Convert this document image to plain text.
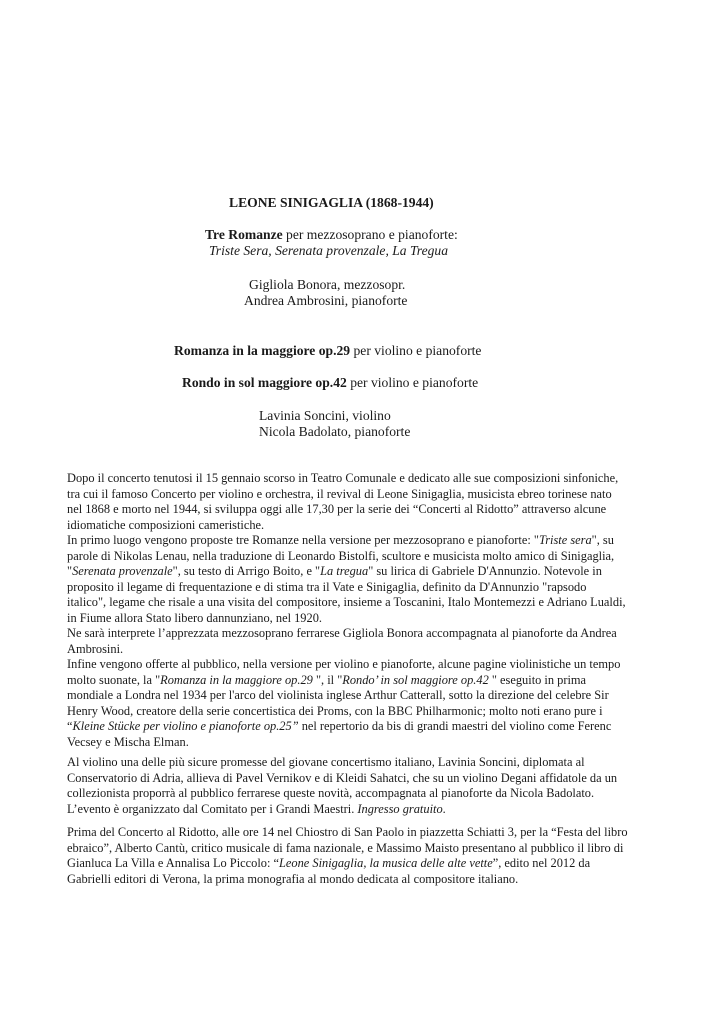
LEONE SINIGAGLIA (1868-1944)
Tre Romanze per mezzosoprano e pianoforte:
Triste Sera, Serenata provenzale, La Tregua
Gigliola Bonora, mezzosopr.
Andrea Ambrosini, pianoforte
Romanza in la maggiore op.29 per violino e pianoforte
Rondo in sol maggiore op.42 per violino e pianoforte
Lavinia Soncini, violino
Nicola Badolato, pianoforte

Dopo il concerto tenutosi il 15 gennaio scorso in Teatro Comunale e dedicato alle sue composizioni sinfoniche,
tra cui il famoso Concerto per violino e orchestra, il revival di Leone Sinigaglia, musicista ebreo torinese nato
nel 1868 e morto nel 1944, si sviluppa oggi alle 17,30 per la serie dei “Concerti al Ridotto” attraverso alcune
idiomatiche composizioni cameristiche.

In primo luogo vengono proposte tre Romanze nella versione per mezzosoprano e pianoforte: "Triste sera", su
parole di Nikolas Lenau, nella traduzione di Leonardo Bistolfi, scultore e musicista molto amico di Sinigaglia,
"Serenata provenzale", su testo di Arrigo Boito, e "La tregua" su lirica di Gabriele D'Annunzio. Notevole in
proposito il legame di frequentazione e di stima tra il Vate e Sinigaglia, definito da D'Annunzio "rapsodo
italico", legame che risale a una visita del compositore, insieme a Toscanini, Italo Montemezzi e Adriano Lualdi,
in Fiume allora Stato libero dannunziano, nel 1920.

Ne sarà interprete l’apprezzata mezzosoprano ferrarese Gigliola Bonora accompagnata al pianoforte da Andrea
Ambrosini.

Infine vengono offerte al pubblico, nella versione per violino e pianoforte, alcune pagine violinistiche un tempo
molto suonate, la "Romanza in la maggiore op.29 ", il "Rondo’ in sol maggiore op.42 " eseguito in prima
mondiale a Londra nel 1934 per l'arco del violinista inglese Arthur Catterall, sotto la direzione del celebre Sir
Henry Wood, creatore della serie concertistica dei Proms, con la BBC Philharmonic; molto noti erano pure i
“Kleine Stücke per violino e pianoforte op.25” nel repertorio da bis di grandi maestri del violino come Ferenc
Vecsey e Mischa Elman.

Al violino una delle più sicure promesse del giovane concertismo italiano, Lavinia Soncini, diplomata al
Conservatorio di Adria, allieva di Pavel Vernikov e di Kleidi Sahatci, che su un violino Degani affidatole da un
collezionista proporrà al pubblico ferrarese queste novità, accompagnata al pianoforte da Nicola Badolato.
L’evento è organizzato dal Comitato per i Grandi Maestri. Ingresso gratuito.

Prima del Concerto al Ridotto, alle ore 14 nel Chiostro di San Paolo in piazzetta Schiatti 3, per la “Festa del libro
ebraico”, Alberto Cantù, critico musicale di fama nazionale, e Massimo Maisto presentano al pubblico il libro di
Gianluca La Villa e Annalisa Lo Piccolo: “Leone Sinigaglia, la musica delle alte vette”, edito nel 2012 da
Gabrielli editori di Verona, la prima monografia al mondo dedicata al compositore italiano.
